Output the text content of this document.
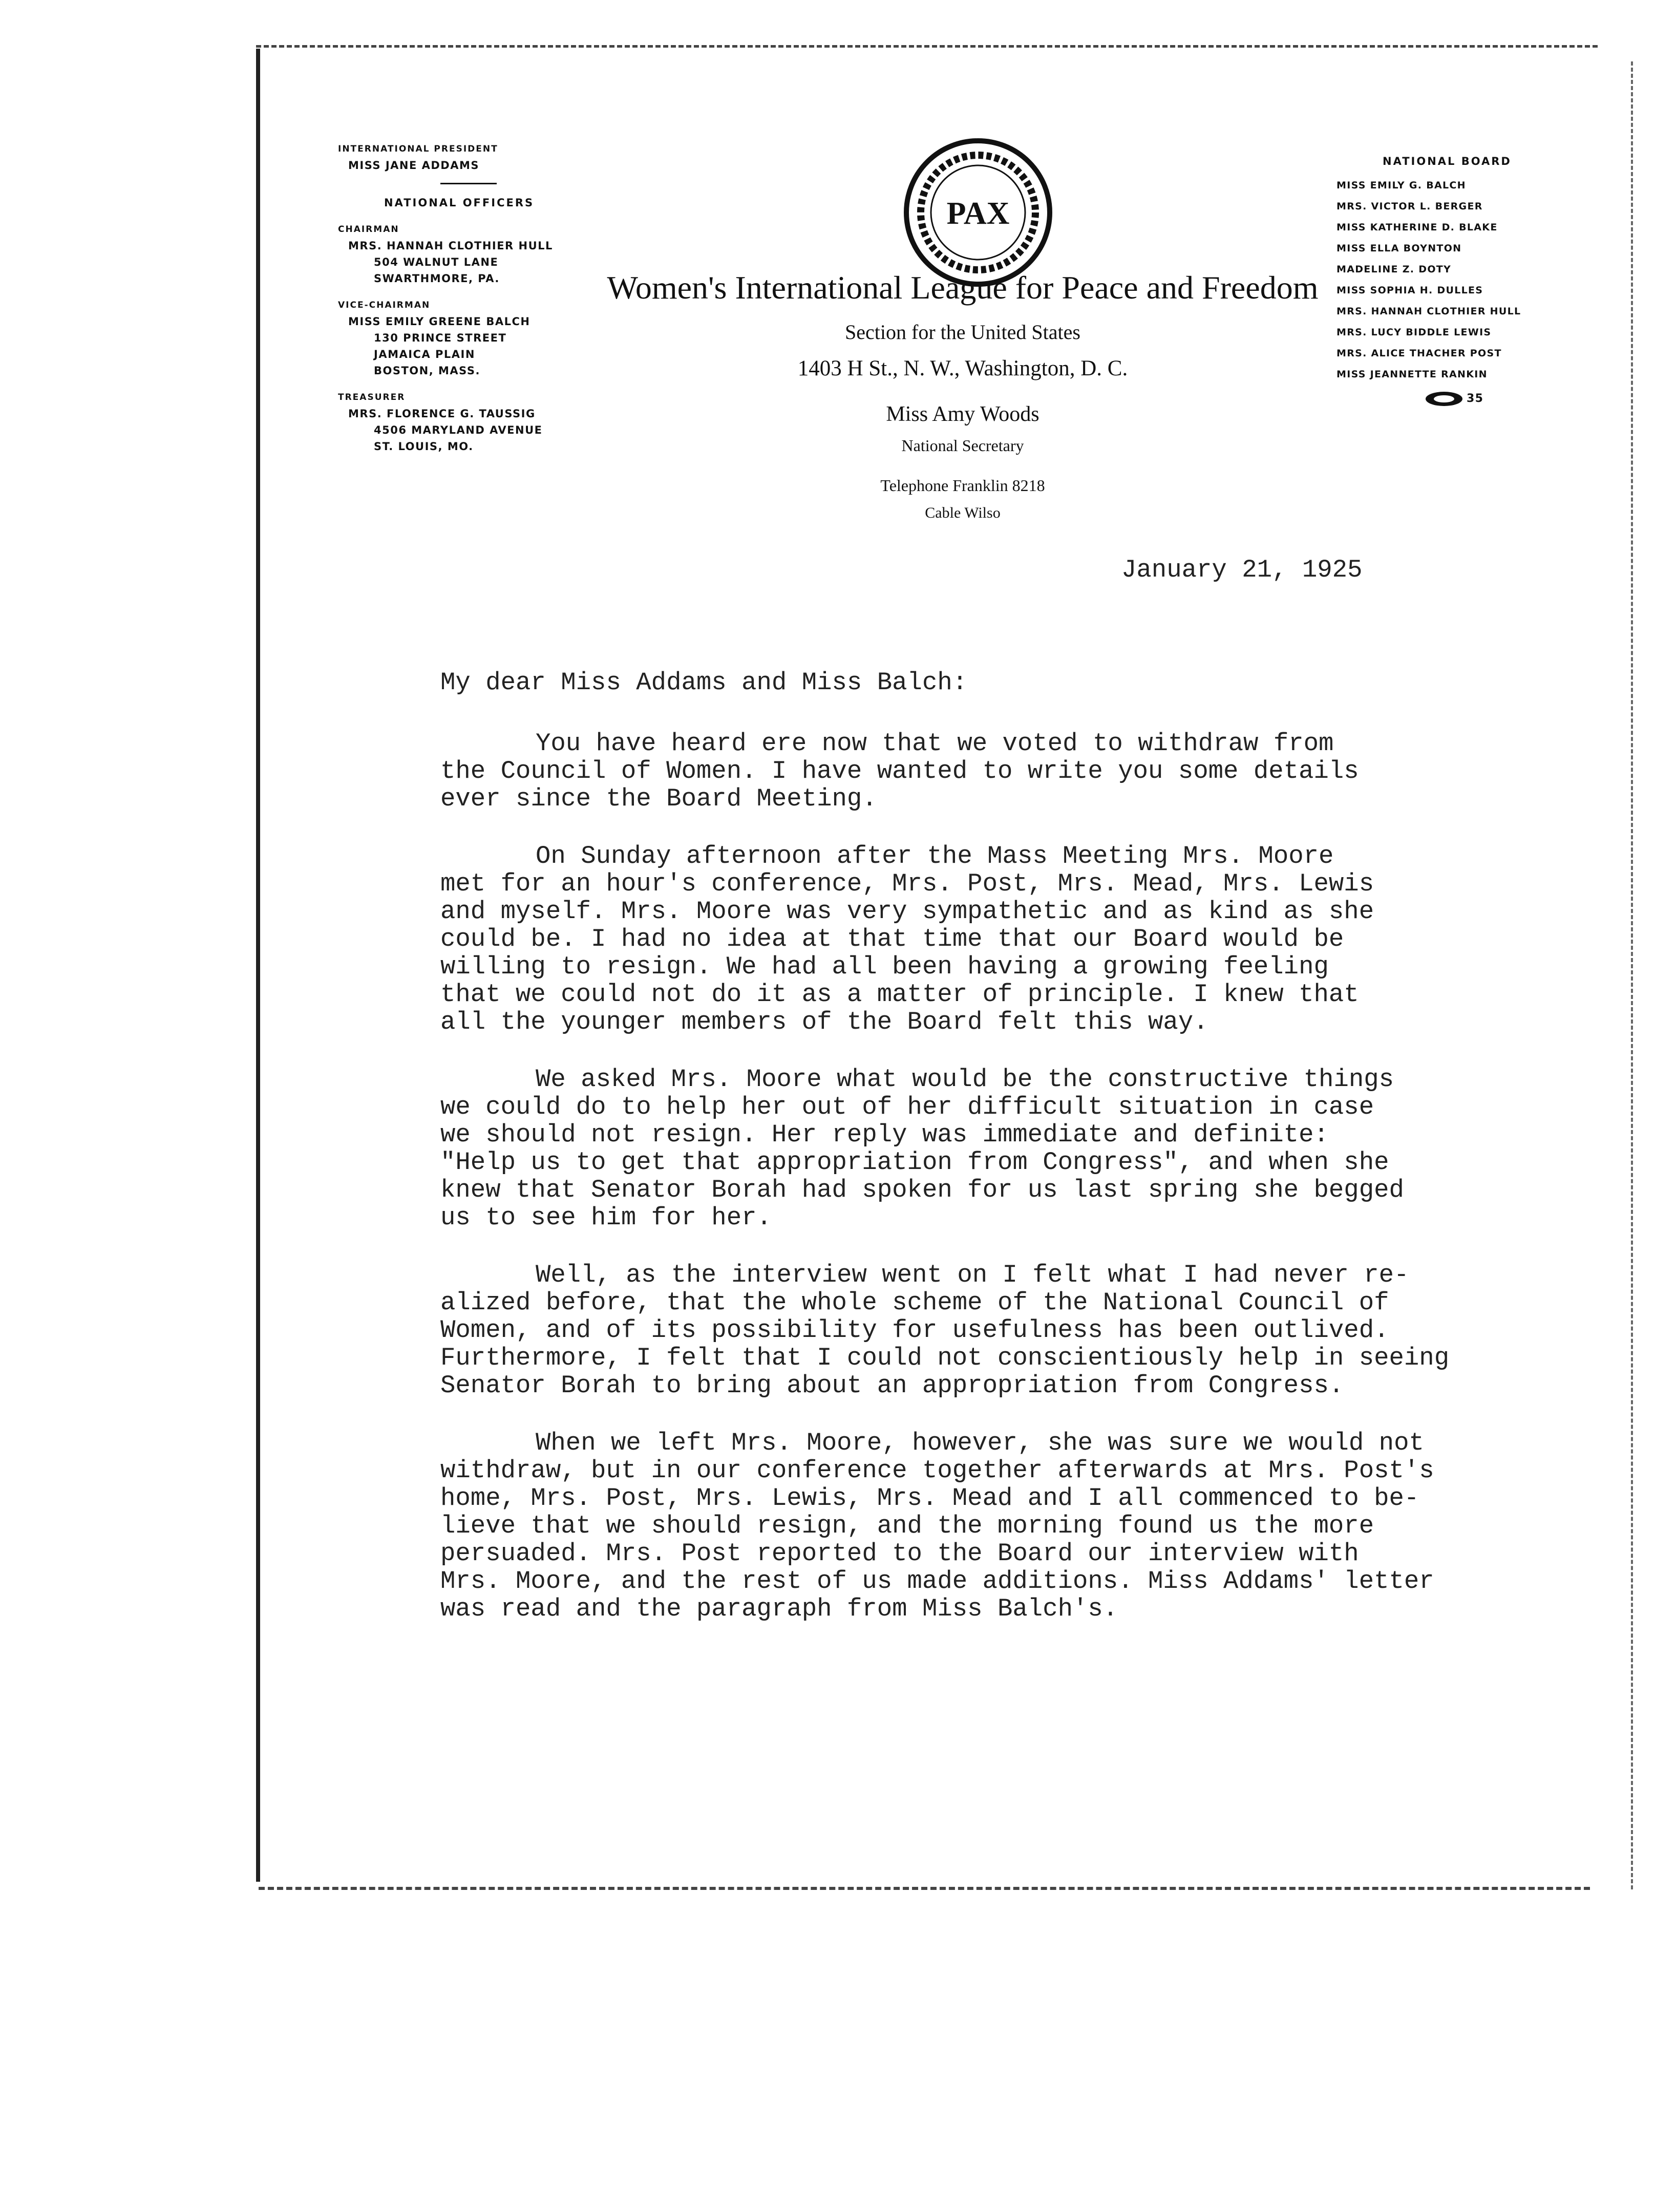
INTERNATIONAL PRESIDENT
MISS JANE ADDAMS
NATIONAL OFFICERS
CHAIRMAN
MRS. HANNAH CLOTHIER HULL
504 WALNUT LANE
SWARTHMORE, PA.
VICE-CHAIRMAN
MISS EMILY GREENE BALCH
130 PRINCE STREET
JAMAICA PLAIN
BOSTON, MASS.
TREASURER
MRS. FLORENCE G. TAUSSIG
4506 MARYLAND AVENUE
ST. LOUIS, MO.
PAX
Women's International League for Peace and Freedom
Section for the United States
1403 H St., N. W., Washington, D. C.
Miss Amy Woods
National Secretary
Telephone Franklin 8218
Cable Wilso
NATIONAL BOARD
MISS EMILY G. BALCH
MRS. VICTOR L. BERGER
MISS KATHERINE D. BLAKE
MISS ELLA BOYNTON
MADELINE Z. DOTY
MISS SOPHIA H. DULLES
MRS. HANNAH CLOTHIER HULL
MRS. LUCY BIDDLE LEWIS
MRS. ALICE THACHER POST
MISS JEANNETTE RANKIN
35
January 21, 1925
My dear Miss Addams and Miss Balch:

You have heard ere now that we voted to withdraw from
the Council of Women. I have wanted to write you some details
ever since the Board Meeting.

On Sunday afternoon after the Mass Meeting Mrs. Moore
met for an hour's conference, Mrs. Post, Mrs. Mead, Mrs. Lewis
and myself. Mrs. Moore was very sympathetic and as kind as she
could be. I had no idea at that time that our Board would be
willing to resign. We had all been having a growing feeling
that we could not do it as a matter of principle. I knew that
all the younger members of the Board felt this way.

We asked Mrs. Moore what would be the constructive things
we could do to help her out of her difficult situation in case
we should not resign. Her reply was immediate and definite:
"Help us to get that appropriation from Congress", and when she
knew that Senator Borah had spoken for us last spring she begged
us to see him for her.

Well, as the interview went on I felt what I had never re-
alized before, that the whole scheme of the National Council of
Women, and of its possibility for usefulness has been outlived.
Furthermore, I felt that I could not conscientiously help in seeing
Senator Borah to bring about an appropriation from Congress.

When we left Mrs. Moore, however, she was sure we would not
withdraw, but in our conference together afterwards at Mrs. Post's
home, Mrs. Post, Mrs. Lewis, Mrs. Mead and I all commenced to be-
lieve that we should resign, and the morning found us the more
persuaded. Mrs. Post reported to the Board our interview with
Mrs. Moore, and the rest of us made additions. Miss Addams' letter
was read and the paragraph from Miss Balch's.
